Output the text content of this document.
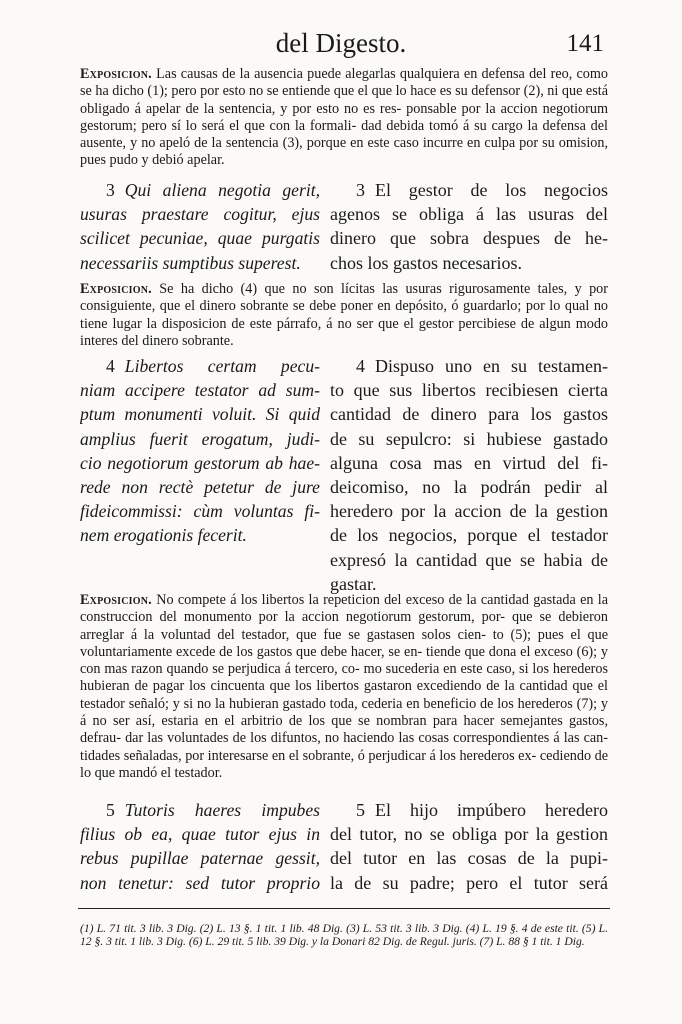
del Digesto.	141
Exposicion. Las causas de la ausencia puede alegarlas qualquiera en defensa del reo, como se ha dicho (1); pero por esto no se entiende que el que lo hace es su defensor (2), ni que está obligado á apelar de la sentencia, y por esto no es res- ponsable por la accion negotiorum gestorum; pero sí lo será el que con la formali- dad debida tomó á su cargo la defensa del ausente, y no apeló de la sentencia (3), porque en este caso incurre en culpa por su omision, pues pudo y debió apelar.
3 Qui aliena negotia gerit,
usuras praestare cogitur, ejus
scilicet pecuniae, quae purgatis
necessariis sumptibus superest.
3 El gestor de los negocios
agenos se obliga á las usuras del
dinero que sobra despues de he-
chos los gastos necesarios.
Exposicion. Se ha dicho (4) que no son lícitas las usuras rigurosamente tales, y por consiguiente, que el dinero sobrante se debe poner en depósito, ó guardarlo; por lo qual no tiene lugar la disposicion de este párrafo, á no ser que el gestor percibiese de algun modo interes del dinero sobrante.
4 Libertos certam pecu-
niam accipere testator ad sum-
ptum monumenti voluit. Si quid
amplius fuerit erogatum, judi-
cio negotiorum gestorum ab hae-
rede non rectè petetur de jure
fideicommissi: cùm voluntas fi-
nem erogationis fecerit.
4 Dispuso uno en su testamen-
to que sus libertos recibiesen cierta
cantidad de dinero para los gastos
de su sepulcro: si hubiese gastado
alguna cosa mas en virtud del fi-
deicomiso, no la podrán pedir al
heredero por la accion de la gestion
de los negocios, porque el testador
expresó la cantidad que se habia de
gastar.
Exposicion. No compete á los libertos la repeticion del exceso de la cantidad gastada en la construccion del monumento por la accion negotiorum gestorum, por- que se debieron arreglar á la voluntad del testador, que fue se gastasen solos cien- to (5); pues el que voluntariamente excede de los gastos que debe hacer, se en- tiende que dona el exceso (6); y con mas razon quando se perjudica á tercero, co- mo sucederia en este caso, si los herederos hubieran de pagar los cincuenta que los libertos gastaron excediendo de la cantidad que el testador señaló; y si no la hubieran gastado toda, cederia en beneficio de los herederos (7); y á no ser así, estaria en el arbitrio de los que se nombran para hacer semejantes gastos, defrau- dar las voluntades de los difuntos, no haciendo las cosas correspondientes á las can- tidades señaladas, por interesarse en el sobrante, ó perjudicar á los herederos ex- cediendo de lo que mandó el testador.
5 Tutoris haeres impubes
filius ob ea, quae tutor ejus in
rebus pupillae paternae gessit,
non tenetur: sed tutor proprio
5 El hijo impúbero heredero
del tutor, no se obliga por la gestion
del tutor en las cosas de la pupi-
la de su padre; pero el tutor será
(1) L. 71 tit. 3 lib. 3 Dig. (2) L. 13 §. 1 tit. 1 lib. 48 Dig. (3) L. 53 tit. 3 lib. 3 Dig. (4) L. 19 §. 4 de este tit. (5) L. 12 §. 3 tit. 1 lib. 3 Dig. (6) L. 29 tit. 5 lib. 39 Dig. y la Donari 82 Dig. de Regul. juris. (7) L. 88 § 1 tit. 1 Dig.
